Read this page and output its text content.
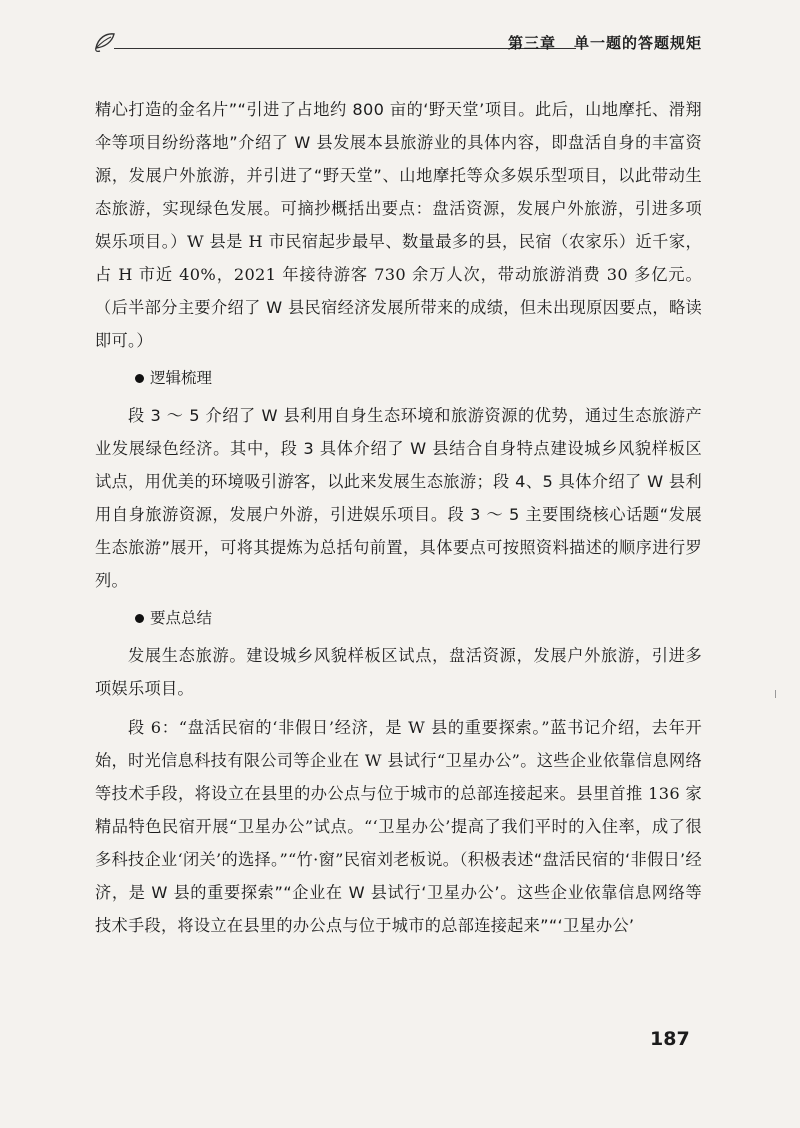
第三章 单一题的答题规矩

精心打造的金名片”“引进了占地约 800 亩的‘野天堂’项目。此后，山地摩托、滑翔伞等项目纷纷落地”介绍了 W 县发展本县旅游业的具体内容，即盘活自身的丰富资源，发展户外旅游，并引进了“野天堂”、山地摩托等众多娱乐型项目，以此带动生态旅游，实现绿色发展。可摘抄概括出要点：盘活资源，发展户外旅游，引进多项娱乐项目。）W 县是 H 市民宿起步最早、数量最多的县，民宿（农家乐）近千家，占 H 市近 40%，2021 年接待游客 730 余万人次，带动旅游消费 30 多亿元。（后半部分主要介绍了 W 县民宿经济发展所带来的成绩，但未出现原因要点，略读即可。）

逻辑梳理

段 3 ～ 5 介绍了 W 县利用自身生态环境和旅游资源的优势，通过生态旅游产业发展绿色经济。其中，段 3 具体介绍了 W 县结合自身特点建设城乡风貌样板区试点，用优美的环境吸引游客，以此来发展生态旅游；段 4、5 具体介绍了 W 县利用自身旅游资源，发展户外游，引进娱乐项目。段 3 ～ 5 主要围绕核心话题“发展生态旅游”展开，可将其提炼为总括句前置，具体要点可按照资料描述的顺序进行罗列。

要点总结

发展生态旅游。建设城乡风貌样板区试点，盘活资源，发展户外旅游，引进多项娱乐项目。

段 6：“盘活民宿的‘非假日’经济，是 W 县的重要探索。”蓝书记介绍，去年开始，时光信息科技有限公司等企业在 W 县试行“卫星办公”。这些企业依靠信息网络等技术手段，将设立在县里的办公点与位于城市的总部连接起来。县里首推 136 家精品特色民宿开展“卫星办公”试点。“‘卫星办公’提高了我们平时的入住率，成了很多科技企业‘闭关’的选择。”“竹·窗”民宿刘老板说。（积极表述“盘活民宿的‘非假日’经济，是 W 县的重要探索”“企业在 W 县试行‘卫星办公’。这些企业依靠信息网络等技术手段，将设立在县里的办公点与位于城市的总部连接起来”“‘卫星办公’

187
